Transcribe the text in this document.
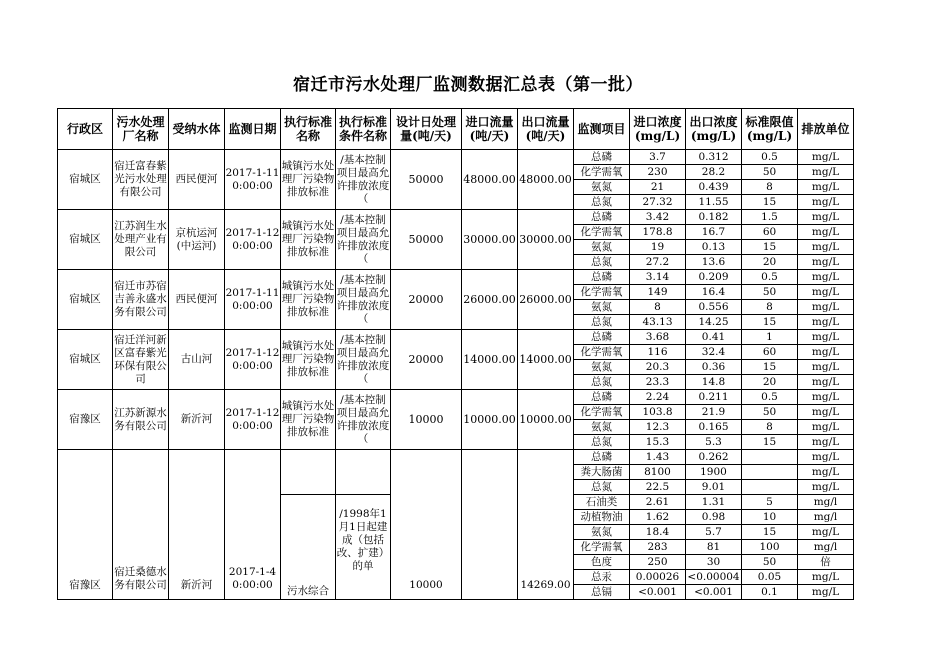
宿迁市污水处理厂监测数据汇总表（第一批）
行政区	污水处理厂名称	受纳水体	监测日期	执行标准名称	执行标准条件名称	设计日处理量(吨/天)	进口流量(吨/天)	出口流量(吨/天)	监测项目	进口浓度(mg/L)	出口浓度(mg/L)	标准限值(mg/L)	排放单位

宿城区	宿迁富春紫光污水处理有限公司	西民便河	2017-1-11 0:00:00	城镇污水处理厂污染物排放标准	/基本控制项目最高允许排放浓度（	50000	48000.00	48000.00	总磷	3.7	0.312	0.5	mg/L
									化学需氧	230	28.2	50	mg/L
									氨氮	21	0.439	8	mg/L
									总氮	27.32	11.55	15	mg/L

宿城区	江苏润生水处理产业有限公司	京杭运河(中运河)	2017-1-12 0:00:00	城镇污水处理厂污染物排放标准	/基本控制项目最高允许排放浓度（	50000	30000.00	30000.00	总磷	3.42	0.182	1.5	mg/L
									化学需氧	178.8	16.7	60	mg/L
									氨氮	19	0.13	15	mg/L
									总氮	27.2	13.6	20	mg/L

宿城区	宿迁市苏宿吉善永盛水务有限公司	西民便河	2017-1-11 0:00:00	城镇污水处理厂污染物排放标准	/基本控制项目最高允许排放浓度（	20000	26000.00	26000.00	总磷	3.14	0.209	0.5	mg/L
									化学需氧	149	16.4	50	mg/L
									氨氮	8	0.556	8	mg/L
									总氮	43.13	14.25	15	mg/L

宿城区	宿迁洋河新区富春紫光环保有限公司	古山河	2017-1-12 0:00:00	城镇污水处理厂污染物排放标准	/基本控制项目最高允许排放浓度（	20000	14000.00	14000.00	总磷	3.68	0.41	1	mg/L
									化学需氧	116	32.4	60	mg/L
									氨氮	20.3	0.36	15	mg/L
									总氮	23.3	14.8	20	mg/L

宿豫区	江苏新源水务有限公司	新沂河	2017-1-12 0:00:00	城镇污水处理厂污染物排放标准	/基本控制项目最高允许排放浓度（	10000	10000.00	10000.00	总磷	2.24	0.211	0.5	mg/L
									化学需氧	103.8	21.9	50	mg/L
									氨氮	12.3	0.165	8	mg/L
									总氮	15.3	5.3	15	mg/L

宿豫区	宿迁桑德水务有限公司	新沂河	2017-1-4 0:00:00			10000		14269.00	总磷	1.43	0.262		mg/L
									粪大肠菌	8100	1900		mg/L
									总氮	22.5	9.01		mg/L

				污水综合	/1998年1月1日起建成（包括改、扩建）的单				石油类	2.61	1.31	5	mg/l
									动植物油	1.62	0.98	10	mg/l
									氨氮	18.4	5.7	15	mg/L
									化学需氧	283	81	100	mg/l
									色度	250	30	50	倍
									总汞	0.00026	<0.00004	0.05	mg/L
									总镉	<0.001	<0.001	0.1	mg/L
